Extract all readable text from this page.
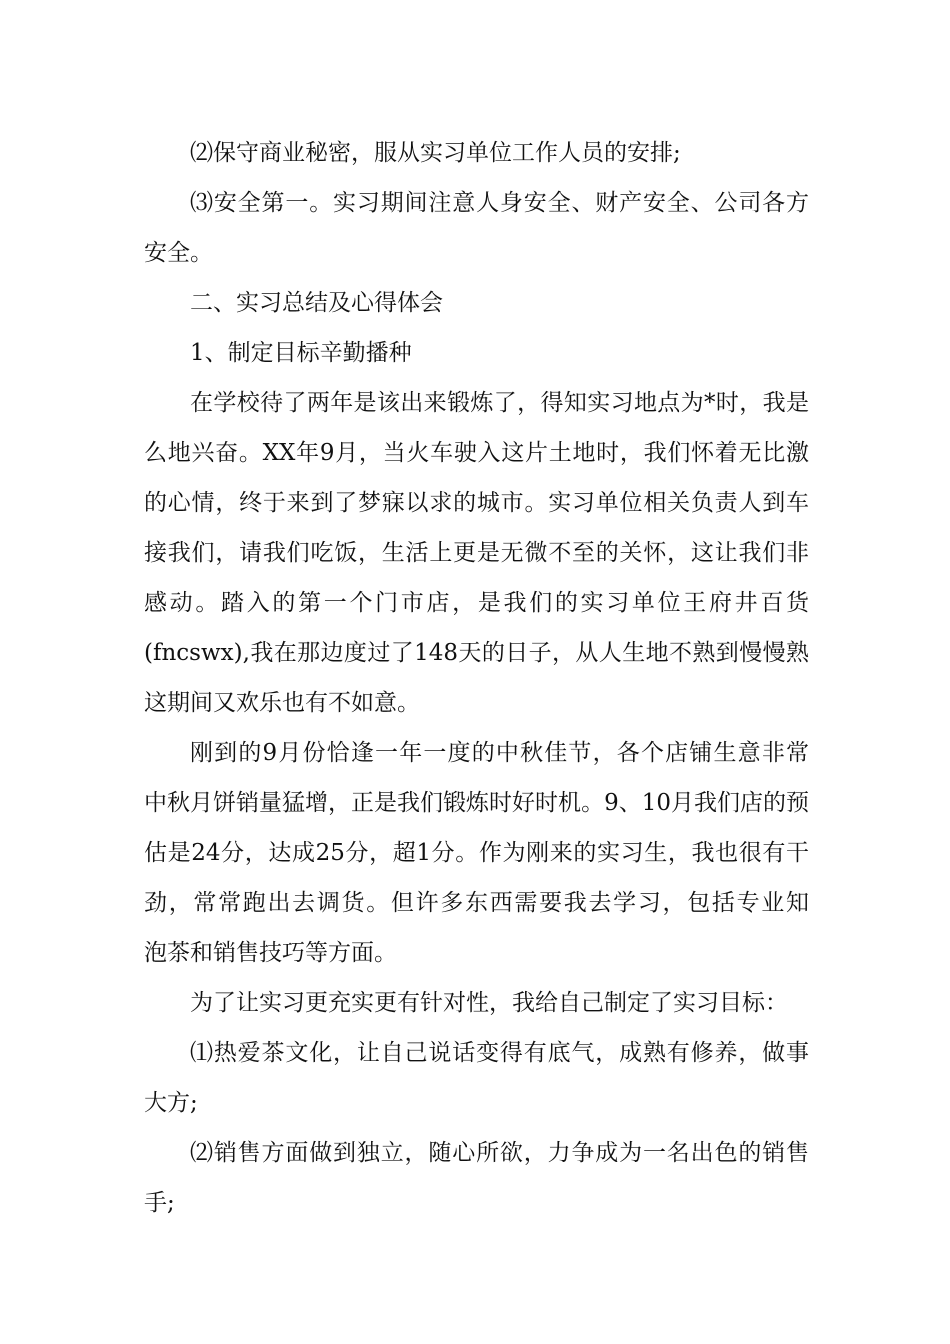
⑵保守商业秘密，服从实习单位工作人员的安排;
⑶安全第一。实习期间注意人身安全、财产安全、公司各方
安全。
二、实习总结及心得体会
1、制定目标辛勤播种
在学校待了两年是该出来锻炼了，得知实习地点为*时，我是
么地兴奋。XX年9月，当火车驶入这片土地时，我们怀着无比激
的心情，终于来到了梦寐以求的城市。实习单位相关负责人到车
接我们，请我们吃饭，生活上更是无微不至的关怀，这让我们非
感动。踏入的第一个门市店，是我们的实习单位王府井百货
(fncswx),我在那边度过了148天的日子，从人生地不熟到慢慢熟
这期间又欢乐也有不如意。
刚到的9月份恰逢一年一度的中秋佳节，各个店铺生意非常
中秋月饼销量猛增，正是我们锻炼时好时机。9、10月我们店的预
估是24分，达成25分，超1分。作为刚来的实习生，我也很有干
劲，常常跑出去调货。但许多东西需要我去学习，包括专业知
泡茶和销售技巧等方面。
为了让实习更充实更有针对性，我给自己制定了实习目标：
⑴热爱茶文化，让自己说话变得有底气，成熟有修养，做事
大方;
⑵销售方面做到独立，随心所欲，力争成为一名出色的销售
手;
